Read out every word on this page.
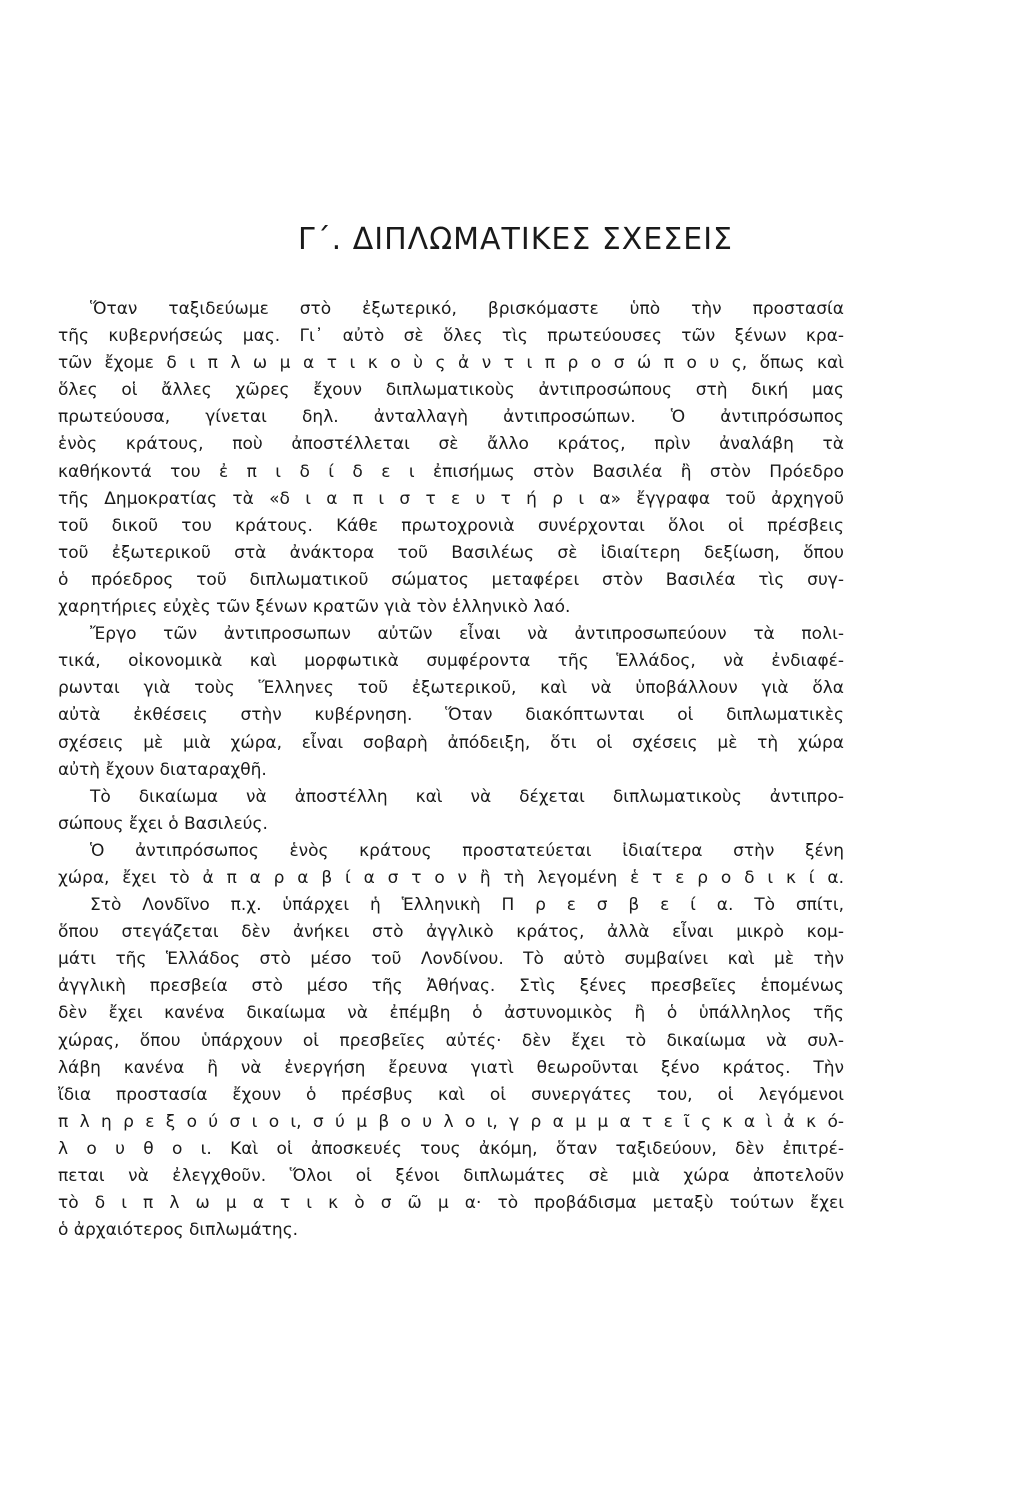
Γ΄. ΔΙΠΛΩΜΑΤΙΚΕΣ ΣΧΕΣΕΙΣ
Ὅταν ταξιδεύωμε στὸ ἐξωτερικό, βρισκόμαστε ὑπὸ τὴν προστασία
τῆς κυβερνήσεώς μας. Γι᾿ αὐτὸ σὲ ὅλες τὶς πρωτεύουσες τῶν ξένων κρα-
τῶν ἔχομε δ ι π λ ω μ α τ ι κ ο ὺ ς ἀ ν τ ι π ρ ο σ ώ π ο υ ς, ὅπως καὶ
ὅλες οἱ ἄλλες χῶρες ἔχουν διπλωματικοὺς ἀντιπροσώπους στὴ δική μας
πρωτεύουσα, γίνεται δηλ. ἀνταλλαγὴ ἀντιπροσώπων. Ὁ ἀντιπρόσωπος
ἑνὸς κράτους, ποὺ ἀποστέλλεται σὲ ἄλλο κράτος, πρὶν ἀναλάβη τὰ
καθήκοντά του ἐ π ι δ ί δ ε ι ἐπισήμως στὸν Βασιλέα ἢ στὸν Πρόεδρο
τῆς Δημοκρατίας τὰ «δ ι α π ι σ τ ε υ τ ή ρ ι α» ἔγγραφα τοῦ ἀρχηγοῦ
τοῦ δικοῦ του κράτους. Κάθε πρωτοχρονιὰ συνέρχονται ὅλοι οἱ πρέσβεις
τοῦ ἐξωτερικοῦ στὰ ἀνάκτορα τοῦ Βασιλέως σὲ ἰδιαίτερη δεξίωση, ὅπου
ὁ πρόεδρος τοῦ διπλωματικοῦ σώματος μεταφέρει στὸν Βασιλέα τὶς συγ-
χαρητήριες εὐχὲς τῶν ξένων κρατῶν γιὰ τὸν ἑλληνικὸ λαό.
Ἔργο τῶν ἀντιπροσωπων αὐτῶν εἶναι νὰ ἀντιπροσωπεύουν τὰ πολι-
τικά, οἰκονομικὰ καὶ μορφωτικὰ συμφέροντα τῆς Ἑλλάδος, νὰ ἐνδιαφέ-
ρωνται γιὰ τοὺς Ἕλληνες τοῦ ἐξωτερικοῦ, καὶ νὰ ὑποβάλλουν γιὰ ὅλα
αὐτὰ ἐκθέσεις στὴν κυβέρνηση. Ὅταν διακόπτωνται οἱ διπλωματικὲς
σχέσεις μὲ μιὰ χώρα, εἶναι σοβαρὴ ἀπόδειξη, ὅτι οἱ σχέσεις μὲ τὴ χώρα
αὐτὴ ἔχουν διαταραχθῆ.
Τὸ δικαίωμα νὰ ἀποστέλλη καὶ νὰ δέχεται διπλωματικοὺς ἀντιπρο-
σώπους ἔχει ὁ Βασιλεύς.
Ὁ ἀντιπρόσωπος ἑνὸς κράτους προστατεύεται ἰδιαίτερα στὴν ξένη
χώρα, ἔχει τὸ ἀ π α ρ α β ί α σ τ ο ν ἢ τὴ λεγομένη ἑ τ ε ρ ο δ ι κ ί α.
Στὸ Λονδῖνο π.χ. ὑπάρχει ἡ Ἑλληνικὴ Π ρ ε σ β ε ί α. Τὸ σπίτι,
ὅπου στεγάζεται δὲν ἀνήκει στὸ ἀγγλικὸ κράτος, ἀλλὰ εἶναι μικρὸ κομ-
μάτι τῆς Ἑλλάδος στὸ μέσο τοῦ Λονδίνου. Τὸ αὐτὸ συμβαίνει καὶ μὲ τὴν
ἀγγλικὴ πρεσβεία στὸ μέσο τῆς Ἀθήνας. Στὶς ξένες πρεσβεῖες ἑπομένως
δὲν ἔχει κανένα δικαίωμα νὰ ἐπέμβη ὁ ἀστυνομικὸς ἢ ὁ ὑπάλληλος τῆς
χώρας, ὅπου ὑπάρχουν οἱ πρεσβεῖες αὐτές· δὲν ἔχει τὸ δικαίωμα νὰ συλ-
λάβη κανένα ἢ νὰ ἐνεργήση ἔρευνα γιατὶ θεωροῦνται ξένο κράτος. Τὴν
ἴδια προστασία ἔχουν ὁ πρέσβυς καὶ οἱ συνεργάτες του, οἱ λεγόμενοι
π λ η ρ ε ξ ο ύ σ ι ο ι, σ ύ μ β ο υ λ ο ι, γ ρ α μ μ α τ ε ῖ ς κ α ὶ ἀ κ ό-
λ ο υ θ ο ι. Καὶ οἱ ἀποσκευές τους ἀκόμη, ὅταν ταξιδεύουν, δὲν ἐπιτρέ-
πεται νὰ ἐλεγχθοῦν. Ὅλοι οἱ ξένοι διπλωμάτες σὲ μιὰ χώρα ἀποτελοῦν
τὸ δ ι π λ ω μ α τ ι κ ὸ σ ῶ μ α· τὸ προβάδισμα μεταξὺ τούτων ἔχει
ὁ ἀρχαιότερος διπλωμάτης.
